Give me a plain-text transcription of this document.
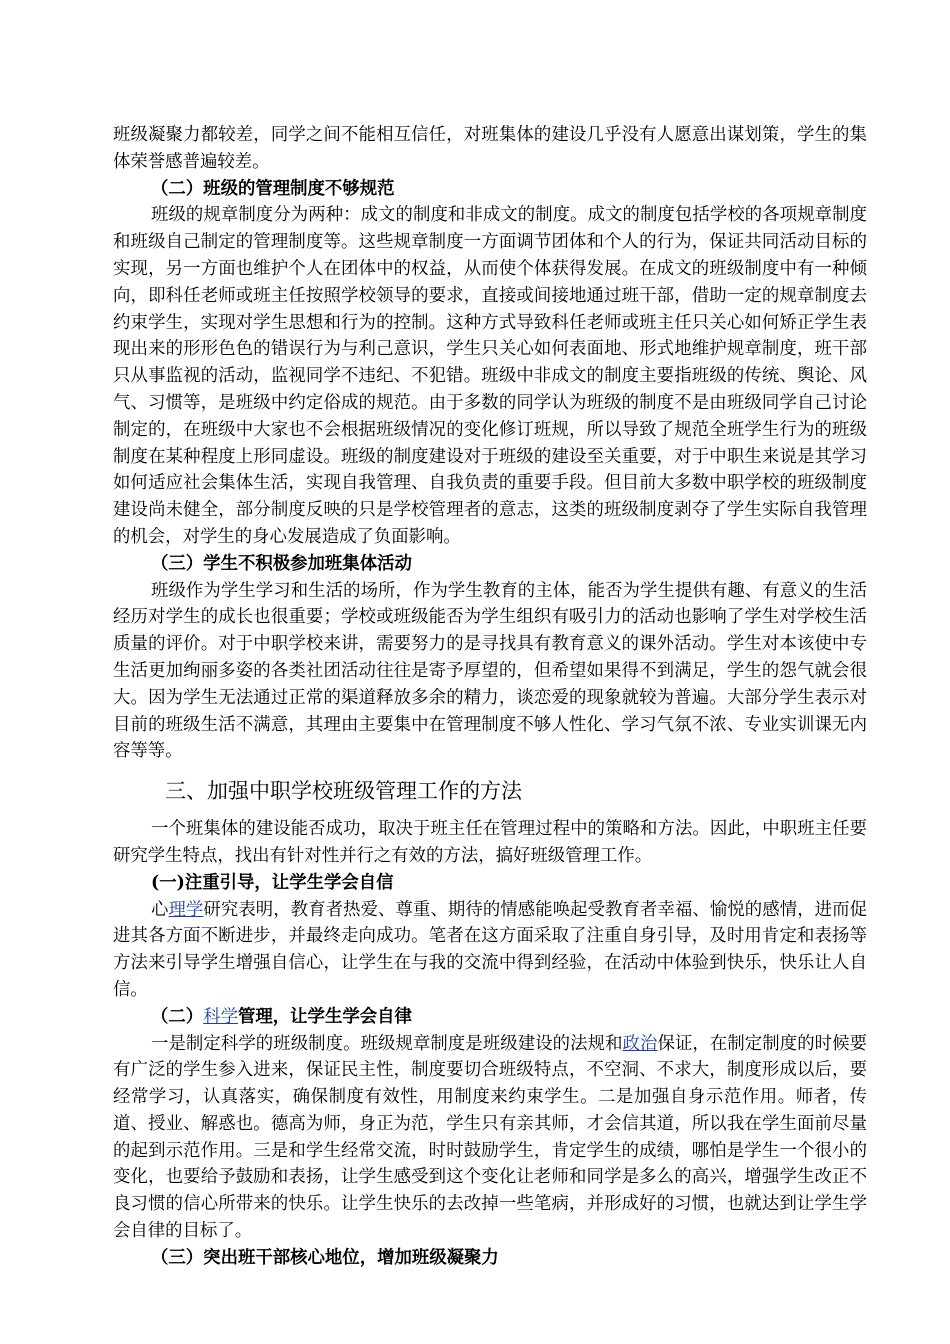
班级凝聚力都较差，同学之间不能相互信任，对班集体的建设几乎没有人愿意出谋划策，学生的集体荣誉感普遍较差。

（二）班级的管理制度不够规范

班级的规章制度分为两种：成文的制度和非成文的制度。成文的制度包括学校的各项规章制度和班级自己制定的管理制度等。这些规章制度一方面调节团体和个人的行为，保证共同活动目标的实现，另一方面也维护个人在团体中的权益，从而使个体获得发展。在成文的班级制度中有一种倾向，即科任老师或班主任按照学校领导的要求，直接或间接地通过班干部，借助一定的规章制度去约束学生，实现对学生思想和行为的控制。这种方式导致科任老师或班主任只关心如何矫正学生表现出来的形形色色的错误行为与利己意识，学生只关心如何表面地、形式地维护规章制度，班干部只从事监视的活动，监视同学不违纪、不犯错。班级中非成文的制度主要指班级的传统、舆论、风气、习惯等，是班级中约定俗成的规范。由于多数的同学认为班级的制度不是由班级同学自己讨论制定的，在班级中大家也不会根据班级情况的变化修订班规，所以导致了规范全班学生行为的班级制度在某种程度上形同虚设。班级的制度建设对于班级的建设至关重要，对于中职生来说是其学习如何适应社会集体生活，实现自我管理、自我负责的重要手段。但目前大多数中职学校的班级制度建设尚未健全，部分制度反映的只是学校管理者的意志，这类的班级制度剥夺了学生实际自我管理的机会，对学生的身心发展造成了负面影响。

（三）学生不积极参加班集体活动

班级作为学生学习和生活的场所，作为学生教育的主体，能否为学生提供有趣、有意义的生活经历对学生的成长也很重要；学校或班级能否为学生组织有吸引力的活动也影响了学生对学校生活质量的评价。对于中职学校来讲，需要努力的是寻找具有教育意义的课外活动。学生对本该使中专生活更加绚丽多姿的各类社团活动往往是寄予厚望的，但希望如果得不到满足，学生的怨气就会很大。因为学生无法通过正常的渠道释放多余的精力，谈恋爱的现象就较为普遍。大部分学生表示对目前的班级生活不满意，其理由主要集中在管理制度不够人性化、学习气氛不浓、专业实训课无内容等等。

三、加强中职学校班级管理工作的方法

一个班集体的建设能否成功，取决于班主任在管理过程中的策略和方法。因此，中职班主任要研究学生特点，找出有针对性并行之有效的方法，搞好班级管理工作。

(一)注重引导，让学生学会自信

心理学研究表明，教育者热爱、尊重、期待的情感能唤起受教育者幸福、愉悦的感情，进而促进其各方面不断进步，并最终走向成功。笔者在这方面采取了注重自身引导，及时用肯定和表扬等方法来引导学生增强自信心，让学生在与我的交流中得到经验，在活动中体验到快乐，快乐让人自信。

（二）科学管理，让学生学会自律

一是制定科学的班级制度。班级规章制度是班级建设的法规和政治保证，在制定制度的时候要有广泛的学生参入进来，保证民主性，制度要切合班级特点，不空洞、不求大，制度形成以后，要经常学习，认真落实，确保制度有效性，用制度来约束学生。二是加强自身示范作用。师者，传道、授业、解惑也。德高为师，身正为范，学生只有亲其师，才会信其道，所以我在学生面前尽量的起到示范作用。三是和学生经常交流，时时鼓励学生，肯定学生的成绩，哪怕是学生一个很小的变化，也要给予鼓励和表扬，让学生感受到这个变化让老师和同学是多么的高兴，增强学生改正不良习惯的信心所带来的快乐。让学生快乐的去改掉一些笔病，并形成好的习惯，也就达到让学生学会自律的目标了。

（三）突出班干部核心地位，增加班级凝聚力
